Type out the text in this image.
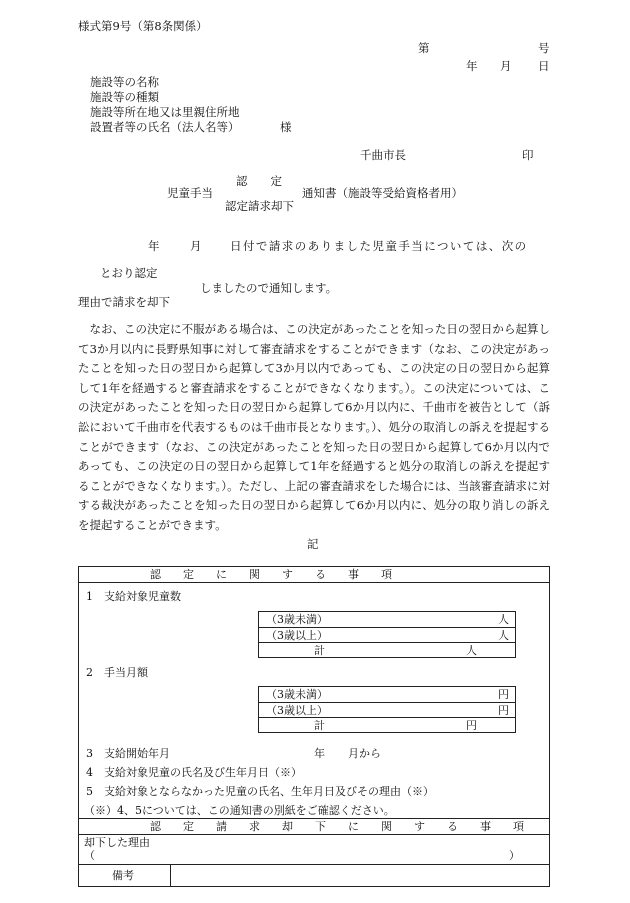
様式第9号（第8条関係）
第	号
年 月 日
施設等の名称
施設等の種類
施設等所在地又は里親住所地
設置者等の氏名（法人名等）	様
千曲市長	印
認　　定
児童手当	通知書（施設等受給資格者用）
認定請求却下
年	月 日付で請求のありました児童手当については、次の
とおり認定
しましたので通知します。
理由で請求を却下
なお、この決定に不服がある場合は、この決定があったことを知った日の翌日から起算して3か月以内に長野県知事に対して審査請求をすることができます（なお、この決定があったことを知った日の翌日から起算して3か月以内であっても、この決定の日の翌日から起算して1年を経過すると審査請求をすることができなくなります。）。この決定については、この決定があったことを知った日の翌日から起算して6か月以内に、千曲市を被告として（訴訟において千曲市を代表するものは千曲市長となります。）、処分の取消しの訴えを提起することができます（なお、この決定があったことを知った日の翌日から起算して6か月以内であっても、この決定の日の翌日から起算して1年を経過すると処分の取消しの訴えを提起することができなくなります。）。ただし、上記の審査請求をした場合には、当該審査請求に対する裁決があったことを知った日の翌日から起算して6か月以内に、処分の取り消しの訴えを提起することができます。
記
認　　定　　に　　関　　す　　る　　事　　項
1　支給対象児童数
（3歳未満）	人
（3歳以上）	人
計	人
2　手当月額
（3歳未満）	円
（3歳以上）	円
計	円
3　支給開始年月	年 月から
4　支給対象児童の氏名及び生年月日（※）
5　支給対象とならなかった児童の氏名、生年月日及びその理由（※）
（※）4、5については、この通知書の別紙をご確認ください。
認　　定　　請　　求　　却　　下　　に　　関　　す　　る　　事　　項
却下した理由
（	）
備考
